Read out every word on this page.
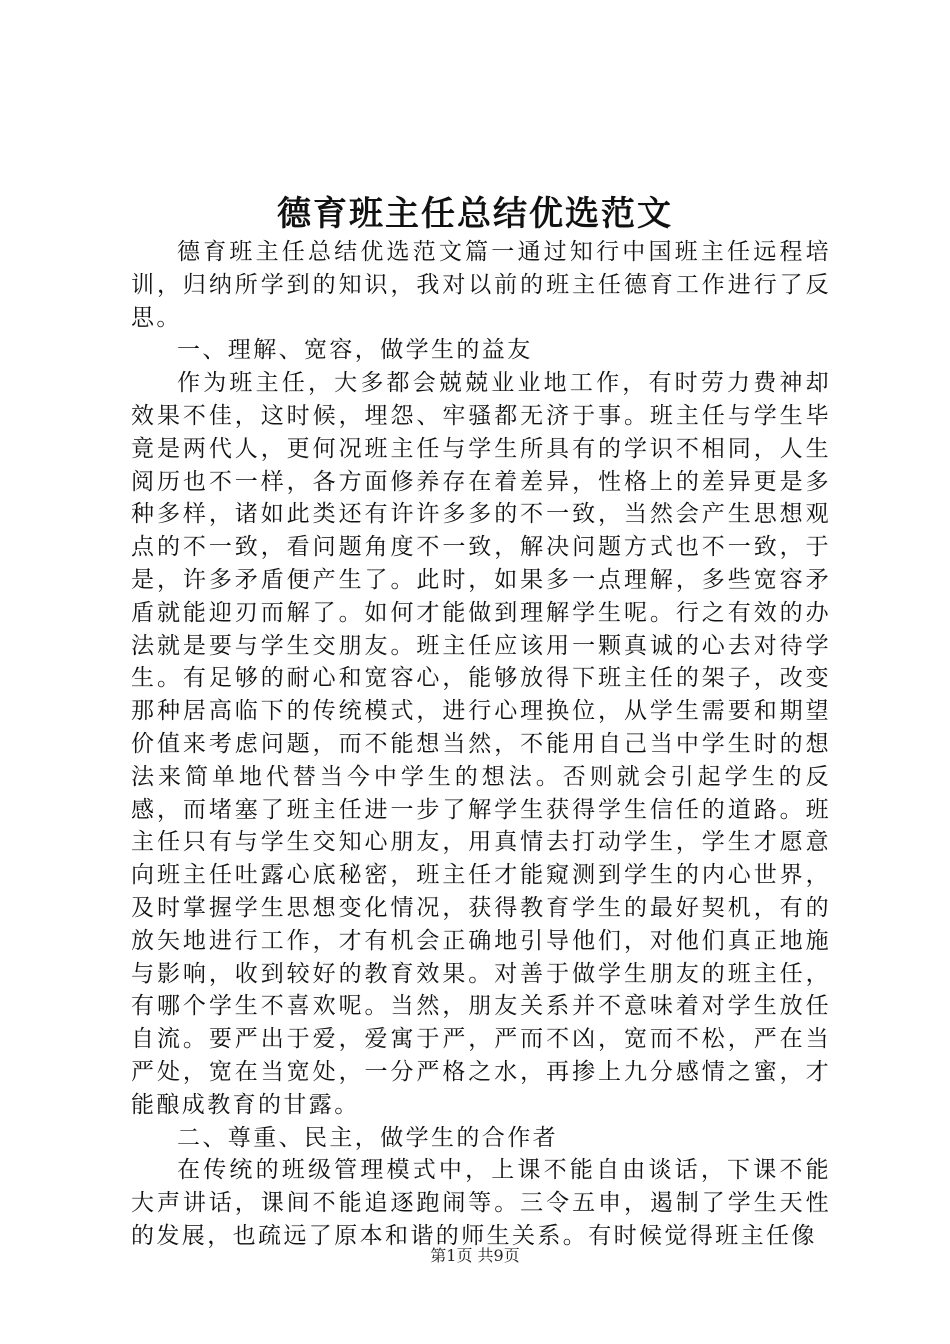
德育班主任总结优选范文

德育班主任总结优选范文篇一通过知行中国班主任远程培训，归纳所学到的知识，我对以前的班主任德育工作进行了反思。

一、理解、宽容，做学生的益友

作为班主任，大多都会兢兢业业地工作，有时劳力费神却效果不佳，这时候，埋怨、牢骚都无济于事。班主任与学生毕竟是两代人，更何况班主任与学生所具有的学识不相同，人生阅历也不一样，各方面修养存在着差异，性格上的差异更是多种多样，诸如此类还有许许多多的不一致，当然会产生思想观点的不一致，看问题角度不一致，解决问题方式也不一致，于是，许多矛盾便产生了。此时，如果多一点理解，多些宽容矛盾就能迎刃而解了。如何才能做到理解学生呢。行之有效的办法就是要与学生交朋友。班主任应该用一颗真诚的心去对待学生。有足够的耐心和宽容心，能够放得下班主任的架子，改变那种居高临下的传统模式，进行心理换位，从学生需要和期望价值来考虑问题，而不能想当然，不能用自己当中学生时的想法来简单地代替当今中学生的想法。否则就会引起学生的反感，而堵塞了班主任进一步了解学生获得学生信任的道路。班主任只有与学生交知心朋友，用真情去打动学生，学生才愿意向班主任吐露心底秘密，班主任才能窥测到学生的内心世界，及时掌握学生思想变化情况，获得教育学生的最好契机，有的放矢地进行工作，才有机会正确地引导他们，对他们真正地施与影响，收到较好的教育效果。对善于做学生朋友的班主任，有哪个学生不喜欢呢。当然，朋友关系并不意味着对学生放任自流。要严出于爱，爱寓于严，严而不凶，宽而不松，严在当严处，宽在当宽处，一分严格之水，再掺上九分感情之蜜，才能酿成教育的甘露。

二、尊重、民主，做学生的合作者

在传统的班级管理模式中，上课不能自由谈话，下课不能大声讲话，课间不能追逐跑闹等。三令五申，遏制了学生天性的发展，也疏远了原本和谐的师生关系。有时候觉得班主任像

第1页 共9页
